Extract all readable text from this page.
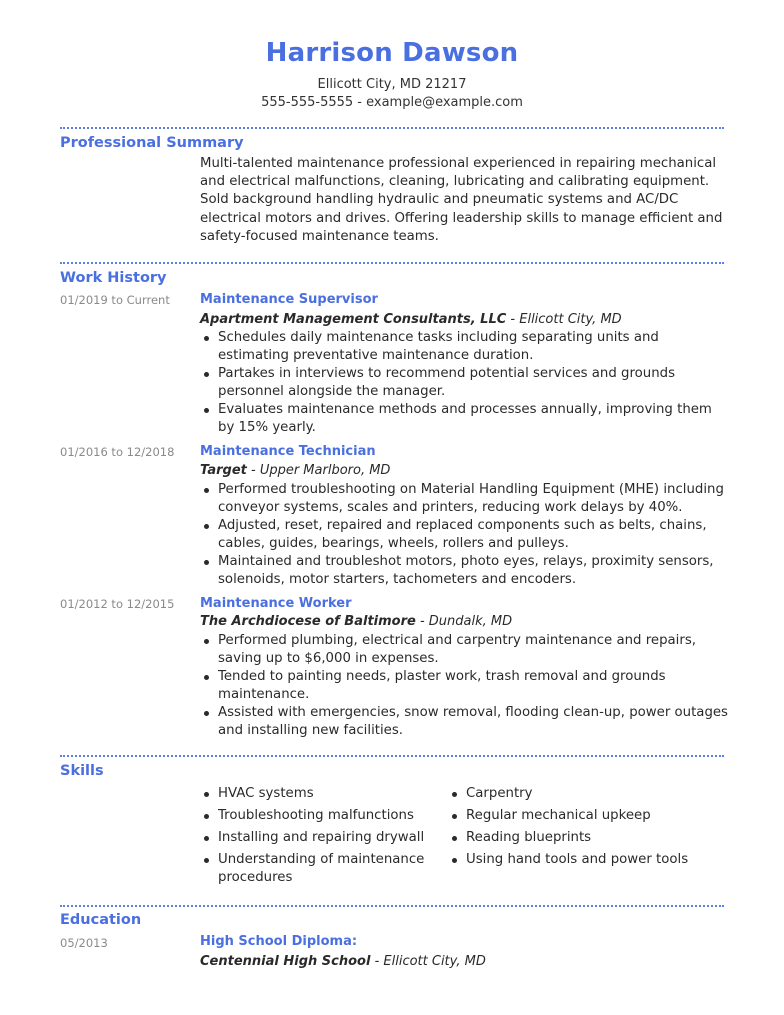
Harrison Dawson
Ellicott City, MD 21217
555-555-5555 - example@example.com
Professional Summary
Multi-talented maintenance professional experienced in repairing mechanical and electrical malfunctions, cleaning, lubricating and calibrating equipment. Sold background handling hydraulic and pneumatic systems and AC/DC electrical motors and drives. Offering leadership skills to manage efficient and safety-focused maintenance teams.
Work History
01/2019 to Current Maintenance Supervisor
Apartment Management Consultants, LLC - Ellicott City, MD
Schedules daily maintenance tasks including separating units and estimating preventative maintenance duration.
Partakes in interviews to recommend potential services and grounds personnel alongside the manager.
Evaluates maintenance methods and processes annually, improving them by 15% yearly.
01/2016 to 12/2018 Maintenance Technician
Target - Upper Marlboro, MD
Performed troubleshooting on Material Handling Equipment (MHE) including conveyor systems, scales and printers, reducing work delays by 40%.
Adjusted, reset, repaired and replaced components such as belts, chains, cables, guides, bearings, wheels, rollers and pulleys.
Maintained and troubleshot motors, photo eyes, relays, proximity sensors, solenoids, motor starters, tachometers and encoders.
01/2012 to 12/2015 Maintenance Worker
The Archdiocese of Baltimore - Dundalk, MD
Performed plumbing, electrical and carpentry maintenance and repairs, saving up to $6,000 in expenses.
Tended to painting needs, plaster work, trash removal and grounds maintenance.
Assisted with emergencies, snow removal, flooding clean-up, power outages and installing new facilities.
Skills
HVAC systems
Troubleshooting malfunctions
Installing and repairing drywall
Understanding of maintenance procedures
Carpentry
Regular mechanical upkeep
Reading blueprints
Using hand tools and power tools
Education
05/2013	High School Diploma:
Centennial High School - Ellicott City, MD
